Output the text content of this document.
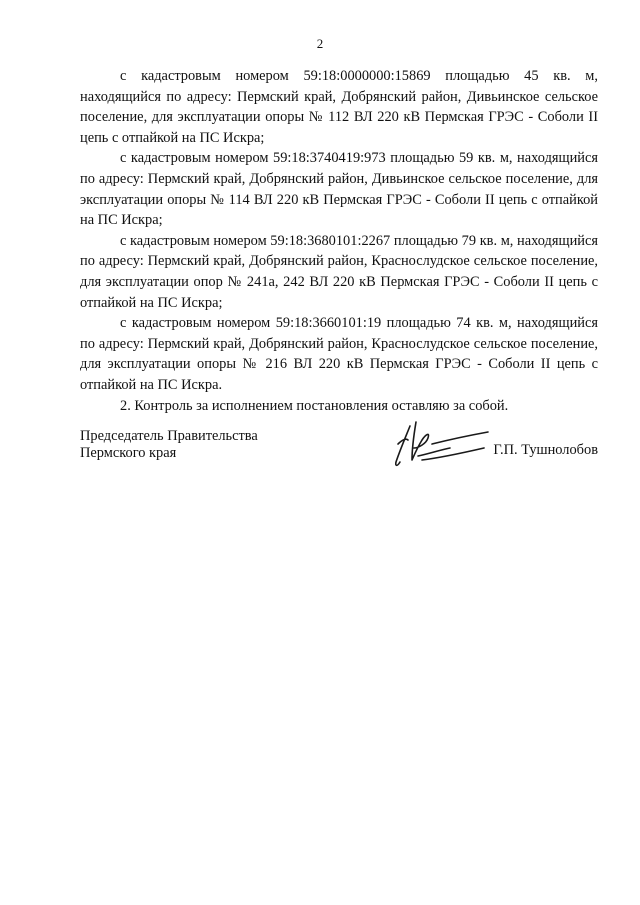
2

с кадастровым номером 59:18:0000000:15869 площадью 45 кв. м, находящийся по адресу: Пермский край, Добрянский район, Дивьинское сельское поселение, для эксплуатации опоры № 112 ВЛ 220 кВ Пермская ГРЭС - Соболи II цепь с отпайкой на ПС Искра;

с кадастровым номером 59:18:3740419:973 площадью 59 кв. м, находящийся по адресу: Пермский край, Добрянский район, Дивьинское сельское поселение, для эксплуатации опоры № 114 ВЛ 220 кВ Пермская ГРЭС - Соболи II цепь с отпайкой на ПС Искра;

с кадастровым номером 59:18:3680101:2267 площадью 79 кв. м, находящийся по адресу: Пермский край, Добрянский район, Краснослудское сельское поселение, для эксплуатации опор № 241а, 242 ВЛ 220 кВ Пермская ГРЭС - Соболи II цепь с отпайкой на ПС Искра;

с кадастровым номером 59:18:3660101:19 площадью 74 кв. м, находящийся по адресу: Пермский край, Добрянский район, Краснослудское сельское поселение, для эксплуатации опоры № 216 ВЛ 220 кВ Пермская ГРЭС - Соболи II цепь с отпайкой на ПС Искра.

2. Контроль за исполнением постановления оставляю за собой.

Председатель Правительства
Пермского края	Г.П. Тушнолобов
